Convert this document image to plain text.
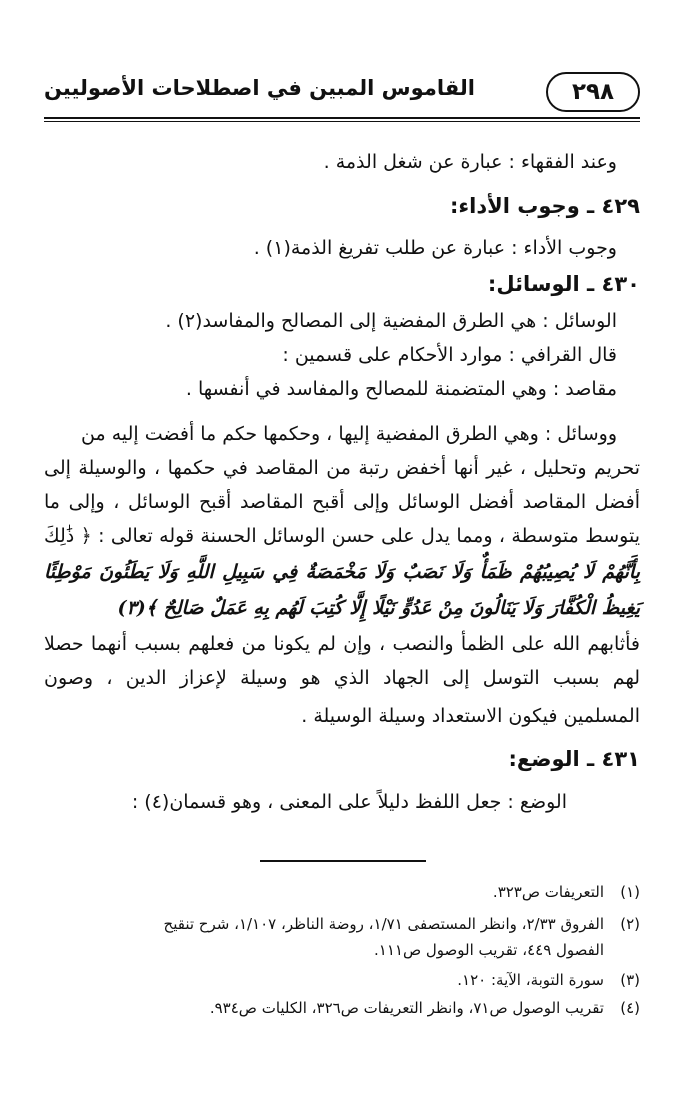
٢٩٨
القاموس المبين في اصطلاحات الأصوليين
وعند الفقهاء : عبارة عن شغل الذمة .
٤٢٩ ـ وجوب الأداء:
وجوب الأداء : عبارة عن طلب تفريغ الذمة(١) .
٤٣٠ ـ الوسائل:
الوسائل : هي الطرق المفضية إلى المصالح والمفاسد(٢) .
قال القرافي : موارد الأحكام على قسمين :
مقاصد : وهي المتضمنة للمصالح والمفاسد في أنفسها .
ووسائل : وهي الطرق المفضية إليها ، وحكمها حكم ما أفضت إليه من
تحريم وتحليل ، غير أنها أخفض رتبة من المقاصد في حكمها ، والوسيلة إلى
أفضل المقاصد أفضل الوسائل وإلى أقبح المقاصد أقبح الوسائل ، وإلى ما
يتوسط متوسطة ، ومما يدل على حسن الوسائل الحسنة قوله تعالى : ﴿ ذَٰلِكَ
بِأَنَّهُمْ لَا يُصِيبُهُمْ ظَمَأٌ وَلَا نَصَبٌ وَلَا مَخْمَصَةٌ فِي سَبِيلِ اللَّهِ وَلَا يَطَئُونَ مَوْطِئًا
يَغِيظُ الْكُفَّارَ وَلَا يَنَالُونَ مِنْ عَدُوٍّ نَيْلًا إِلَّا كُتِبَ لَهُم بِهِ عَمَلٌ صَالِحٌ ﴾(٣)
فأثابهم الله على الظمأ والنصب ، وإن لم يكونا من فعلهم بسبب أنهما حصلا
لهم بسبب التوسل إلى الجهاد الذي هو وسيلة لإعزاز الدين ، وصون
المسلمين فيكون الاستعداد وسيلة الوسيلة .
٤٣١ ـ الوضع:
الوضع : جعل اللفظ دليلاً على المعنى ، وهو قسمان(٤) :
(١)التعريفات ص٣٢٣.
(٢)الفروق ٢/٣٣، وانظر المستصفى ١/٧١، روضة الناظر، ١/١٠٧، شرح تنقيح
الفصول ٤٤٩، تقريب الوصول ص١١١.
(٣)سورة التوبة، الآية: ١٢٠.
(٤)تقريب الوصول ص٧١، وانظر التعريفات ص٣٢٦، الكليات ص٩٣٤.
